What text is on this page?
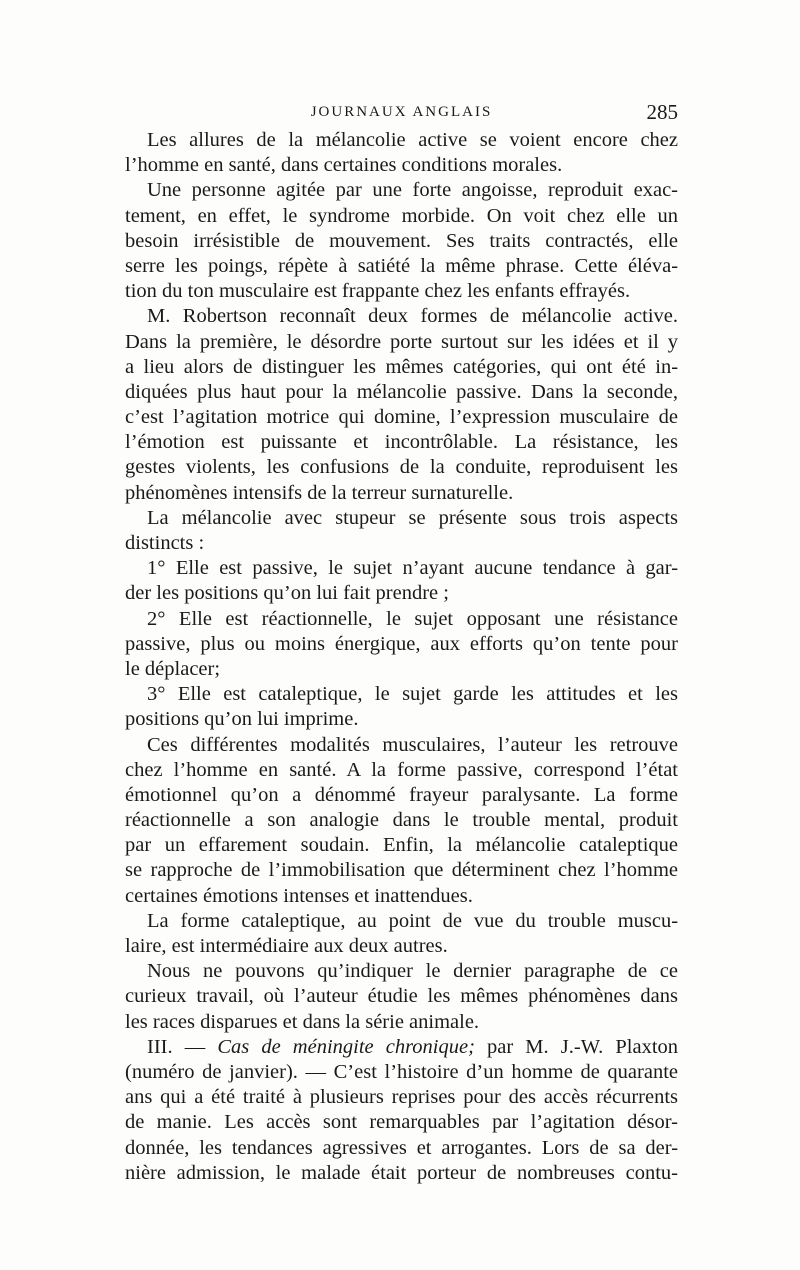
JOURNAUX ANGLAIS	285
Les allures de la mélancolie active se voient encore chez
l’homme en santé, dans certaines conditions morales.
Une personne agitée par une forte angoisse, reproduit exac-
tement, en effet, le syndrome morbide. On voit chez elle un
besoin irrésistible de mouvement. Ses traits contractés, elle
serre les poings, répète à satiété la même phrase. Cette éléva-
tion du ton musculaire est frappante chez les enfants effrayés.
M. Robertson reconnaît deux formes de mélancolie active.
Dans la première, le désordre porte surtout sur les idées et il y
a lieu alors de distinguer les mêmes catégories, qui ont été in-
diquées plus haut pour la mélancolie passive. Dans la seconde,
c’est l’agitation motrice qui domine, l’expression musculaire de
l’émotion est puissante et incontrôlable. La résistance, les
gestes violents, les confusions de la conduite, reproduisent les
phénomènes intensifs de la terreur surnaturelle.
La mélancolie avec stupeur se présente sous trois aspects
distincts :
1° Elle est passive, le sujet n’ayant aucune tendance à gar-
der les positions qu’on lui fait prendre ;
2° Elle est réactionnelle, le sujet opposant une résistance
passive, plus ou moins énergique, aux efforts qu’on tente pour
le déplacer;
3° Elle est cataleptique, le sujet garde les attitudes et les
positions qu’on lui imprime.
Ces différentes modalités musculaires, l’auteur les retrouve
chez l’homme en santé. A la forme passive, correspond l’état
émotionnel qu’on a dénommé frayeur paralysante. La forme
réactionnelle a son analogie dans le trouble mental, produit
par un effarement soudain. Enfin, la mélancolie cataleptique
se rapproche de l’immobilisation que déterminent chez l’homme
certaines émotions intenses et inattendues.
La forme cataleptique, au point de vue du trouble muscu-
laire, est intermédiaire aux deux autres.
Nous ne pouvons qu’indiquer le dernier paragraphe de ce
curieux travail, où l’auteur étudie les mêmes phénomènes dans
les races disparues et dans la série animale.
III. — Cas de méningite chronique; par M. J.-W. Plaxton
(numéro de janvier). — C’est l’histoire d’un homme de quarante
ans qui a été traité à plusieurs reprises pour des accès récurrents
de manie. Les accès sont remarquables par l’agitation désor-
donnée, les tendances agressives et arrogantes. Lors de sa der-
nière admission, le malade était porteur de nombreuses contu-
